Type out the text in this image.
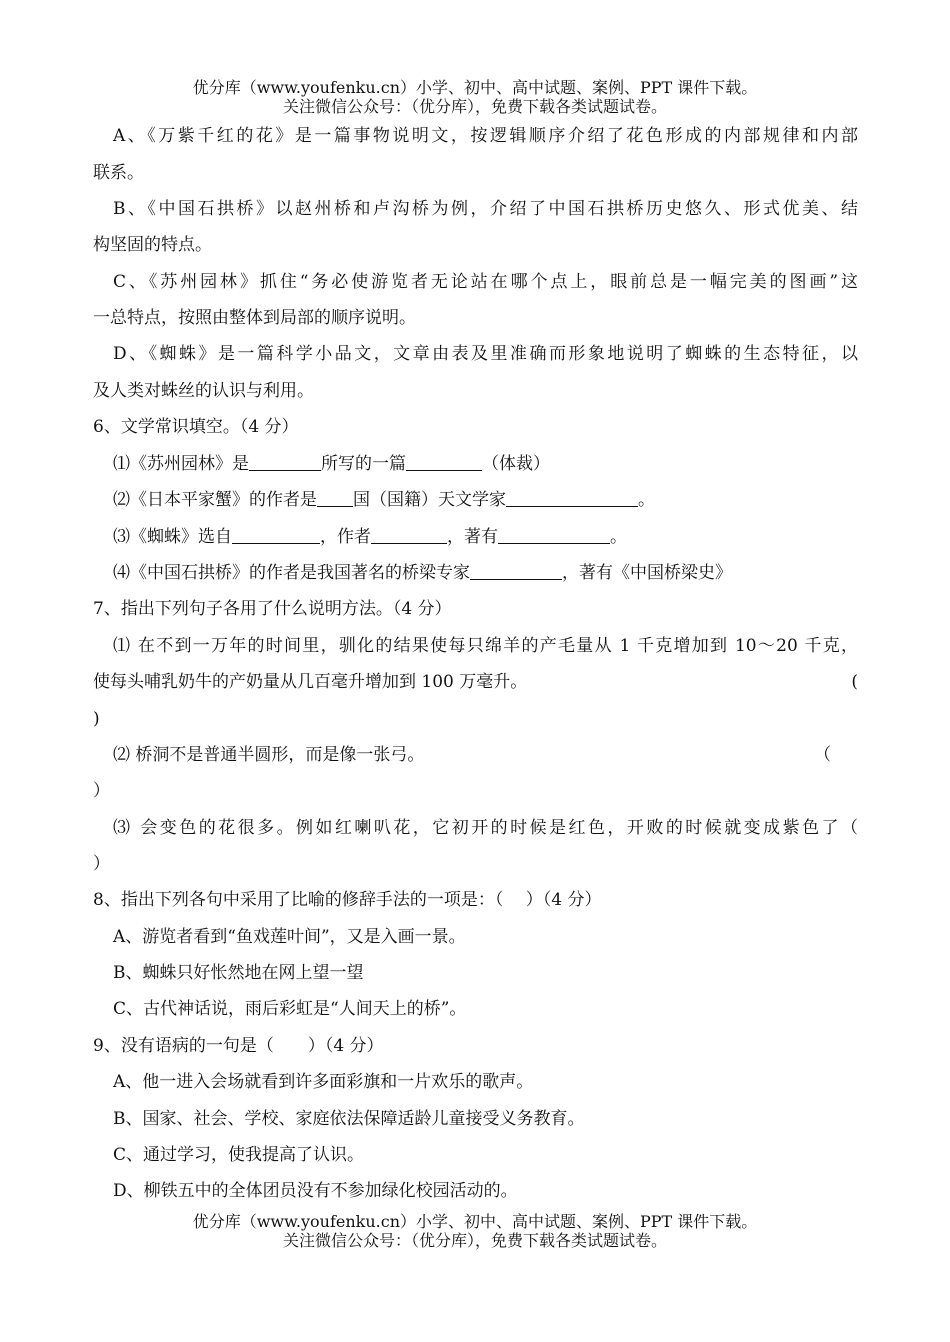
优分库（www.youfenku.cn）小学、初中、高中试题、案例、PPT 课件下载。
关注微信公众号：（优分库），免费下载各类试题试卷。
A、《万紫千红的花》是一篇事物说明文，按逻辑顺序介绍了花色形成的内部规律和内部
联系。
B、《中国石拱桥》以赵州桥和卢沟桥为例，介绍了中国石拱桥历史悠久、形式优美、结
构坚固的特点。
C、《苏州园林》抓住“务必使游览者无论站在哪个点上，眼前总是一幅完美的图画”这
一总特点，按照由整体到局部的顺序说明。
D、《蜘蛛》是一篇科学小品文，文章由表及里准确而形象地说明了蜘蛛的生态特征，以
及人类对蛛丝的认识与利用。
6、文学常识填空。（4 分）
⑴《苏州园林》是	所写的一篇	（体裁）
⑵《日本平家蟹》的作者是 国（国籍）天文学家	。
⑶《蜘蛛》选自	，作者	，著有	。
⑷《中国石拱桥》的作者是我国著名的桥梁专家	，著有《中国桥梁史》
7、指出下列句子各用了什么说明方法。（4 分）
⑴ 在不到一万年的时间里，驯化的结果使每只绵羊的产毛量从 1 千克增加到 10～20 千克，
使每头哺乳奶牛的产奶量从几百毫升增加到 100 万毫升。	(
)
⑵ 桥洞不是普通半圆形，而是像一张弓。	（
）
⑶ 会变色的花很多。例如红喇叭花，它初开的时候是红色，开败的时候就变成紫色了（
）
8、指出下列各句中采用了比喻的修辞手法的一项是：（　 ）（4 分）
A、游览者看到“鱼戏莲叶间”，又是入画一景。
B、蜘蛛只好怅然地在网上望一望
C、古代神话说，雨后彩虹是“人间天上的桥”。
9、没有语病的一句是（　　）（4 分）
A、他一进入会场就看到许多面彩旗和一片欢乐的歌声。
B、国家、社会、学校、家庭依法保障适龄儿童接受义务教育。
C、通过学习，使我提高了认识。
D、柳铁五中的全体团员没有不参加绿化校园活动的。
优分库（www.youfenku.cn）小学、初中、高中试题、案例、PPT 课件下载。
关注微信公众号：（优分库），免费下载各类试题试卷。
